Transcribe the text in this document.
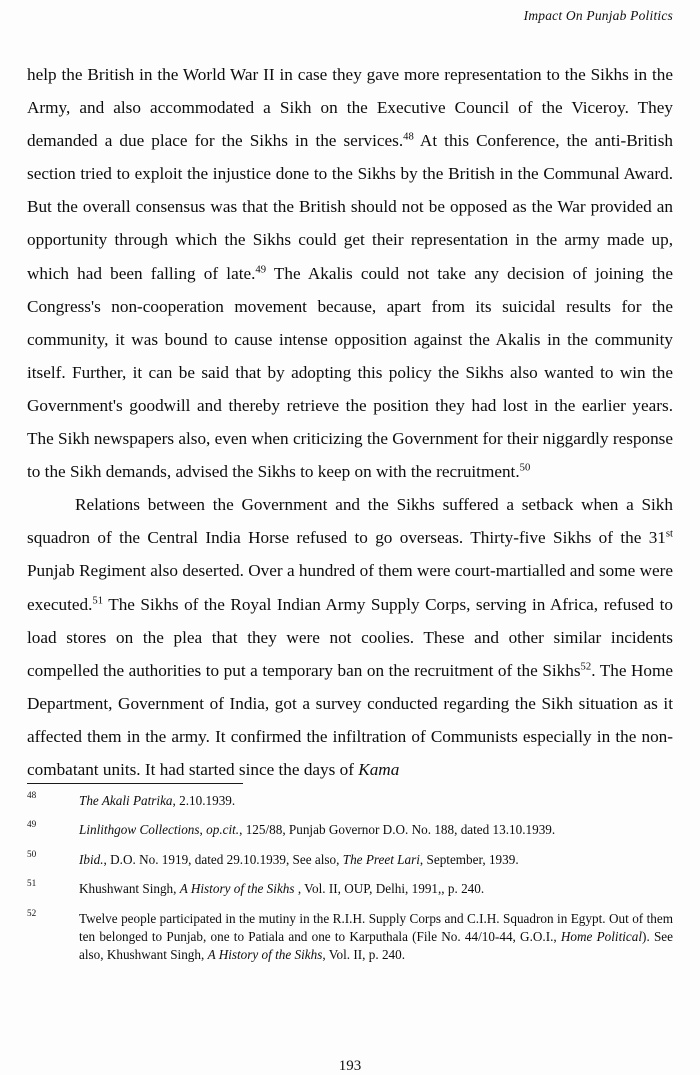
Impact On Punjab Politics

help the British in the World War II in case they gave more representation to the Sikhs in the Army, and also accommodated a Sikh on the Executive Council of the Viceroy. They demanded a due place for the Sikhs in the services.$^{48}$ At this Conference, the anti-British section tried to exploit the injustice done to the Sikhs by the British in the Communal Award. But the overall consensus was that the British should not be opposed as the War provided an opportunity through which the Sikhs could get their representation in the army made up, which had been falling of late.$^{49}$ The Akalis could not take any decision of joining the Congress's non-cooperation movement because, apart from its suicidal results for the community, it was bound to cause intense opposition against the Akalis in the community itself. Further, it can be said that by adopting this policy the Sikhs also wanted to win the Government's goodwill and thereby retrieve the position they had lost in the earlier years. The Sikh newspapers also, even when criticizing the Government for their niggardly response to the Sikh demands, advised the Sikhs to keep on with the recruitment.$^{50}$

Relations between the Government and the Sikhs suffered a setback when a Sikh squadron of the Central India Horse refused to go overseas. Thirty-five Sikhs of the 31st Punjab Regiment also deserted. Over a hundred of them were court-martialled and some were executed.$^{51}$ The Sikhs of the Royal Indian Army Supply Corps, serving in Africa, refused to load stores on the plea that they were not coolies. These and other similar incidents compelled the authorities to put a temporary ban on the recruitment of the Sikhs$^{52}$. The Home Department, Government of India, got a survey conducted regarding the Sikh situation as it affected them in the army. It confirmed the infiltration of Communists especially in the non-combatant units. It had started since the days of Kama

48	The Akali Patrika, 2.10.1939.
49	Linlithgow Collections, op.cit., 125/88, Punjab Governor D.O. No. 188, dated 13.10.1939.
50	Ibid., D.O. No. 1919, dated 29.10.1939, See also, The Preet Lari, September, 1939.
51	Khushwant Singh, A History of the Sikhs , Vol. II, OUP, Delhi, 1991,, p. 240.
52	Twelve people participated in the mutiny in the R.I.H. Supply Corps and C.I.H. Squadron in Egypt. Out of them ten belonged to Punjab, one to Patiala and one to Karputhala (File No. 44/10-44, G.O.I., Home Political). See also, Khushwant Singh, A History of the Sikhs, Vol. II, p. 240.
193
